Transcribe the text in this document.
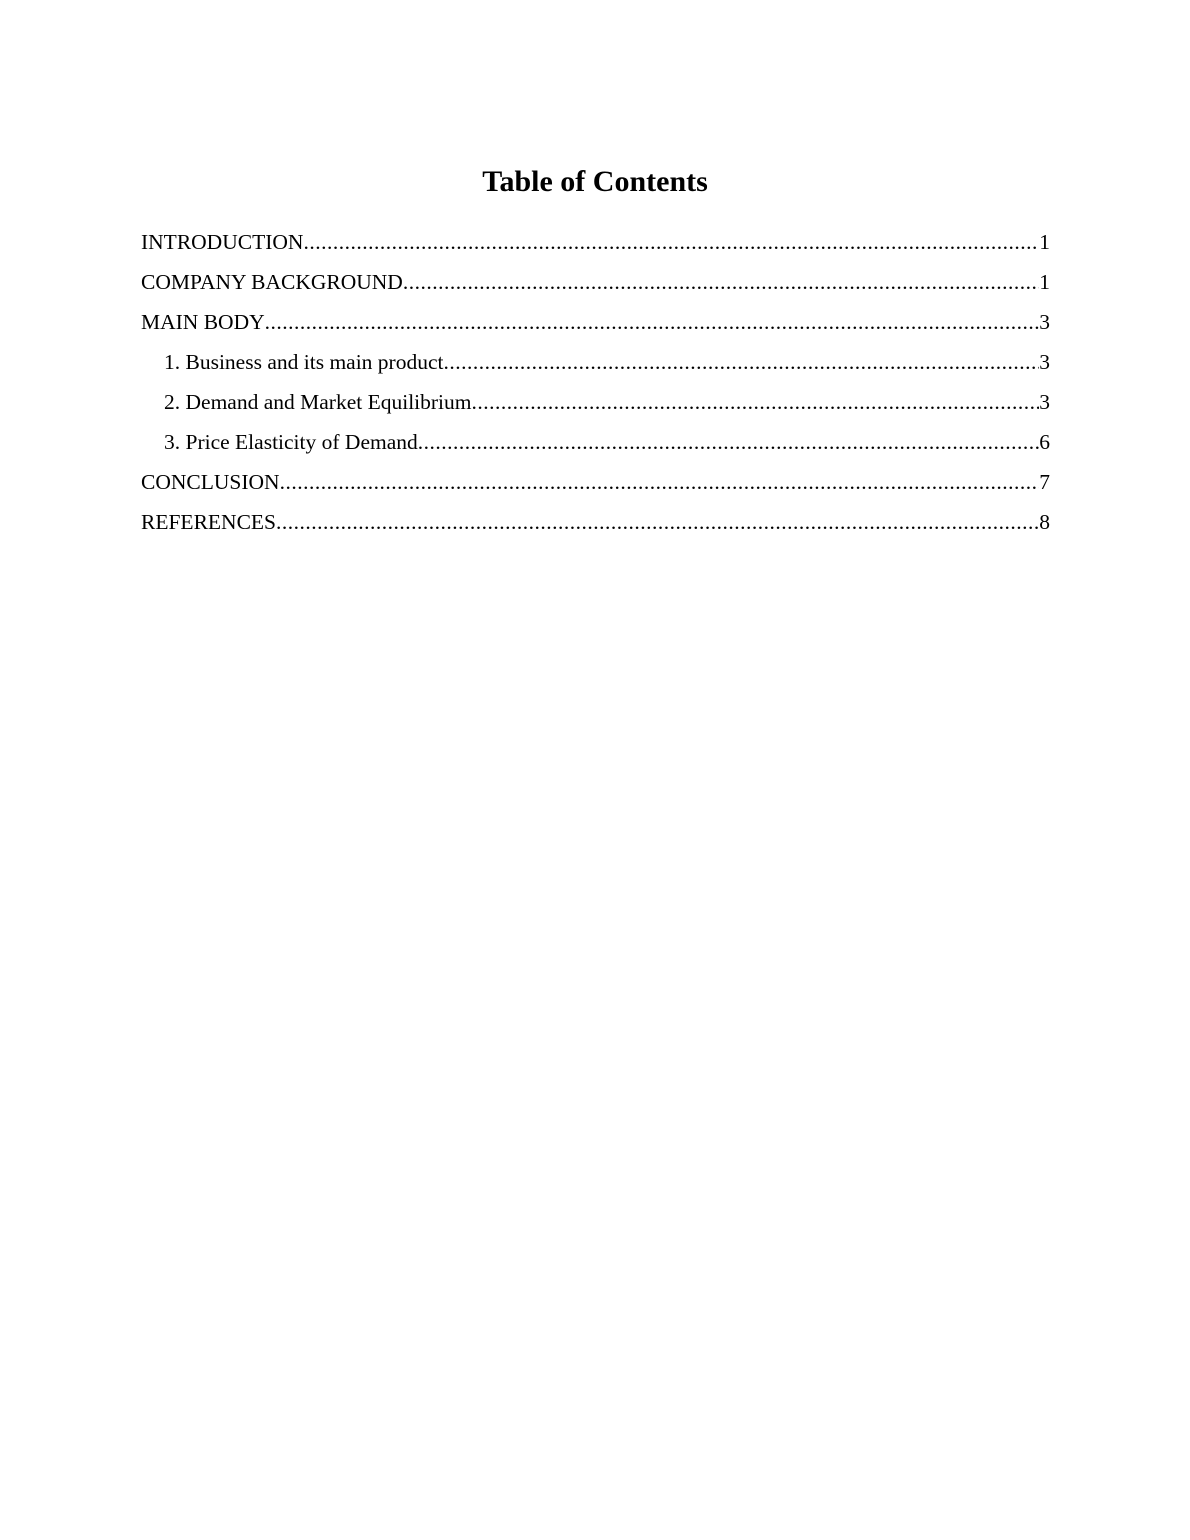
Table of Contents
INTRODUCTION .....	1
COMPANY BACKGROUND .....	1
MAIN BODY .....	3
1. Business and its main product .....	3
2. Demand and Market Equilibrium .....	3
3. Price Elasticity of Demand .....	6
CONCLUSION .....	7
REFERENCES .....	8
